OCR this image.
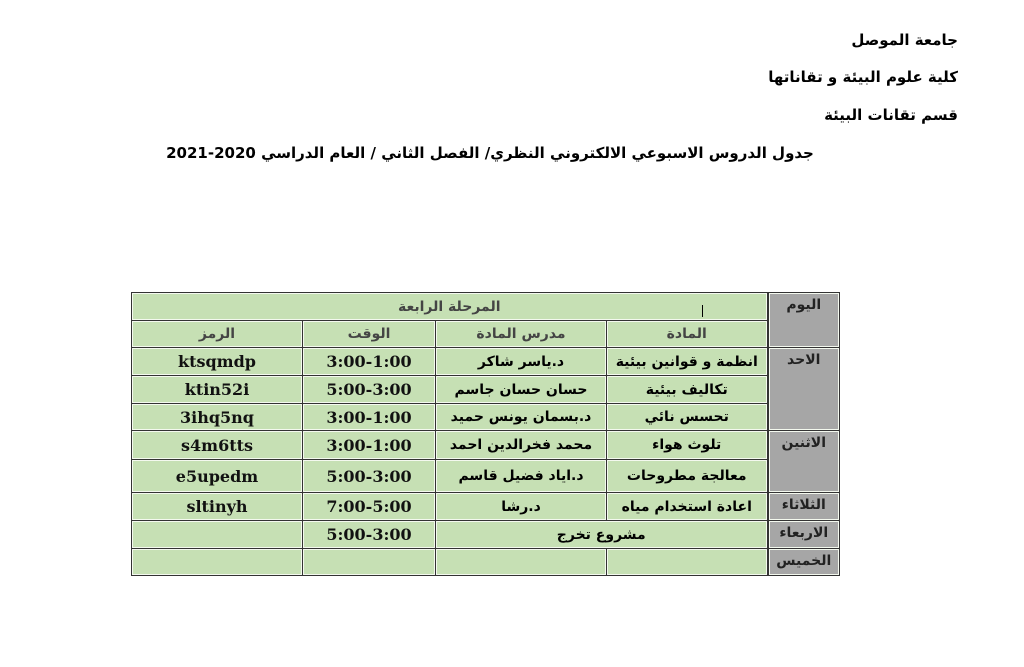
جامعة الموصل
كلية علوم البيئة و تقاناتها
قسم تقانات البيئة
جدول الدروس الاسبوعي الالكتروني النظري/ الفصل الثاني / العام الدراسي 2020-2021
اليوم	المرحلة الرابعة			
	المادة	مدرس المادة	الوقت	الرمز
الاحد	انظمة و قوانين بيئية	د.ياسر شاكر	3:00-1:00	ktsqmdp
	تكاليف بيئية	حسان حسان جاسم	5:00-3:00	ktin52i
	تحسس نائي	د.بسمان يونس حميد	3:00-1:00	3ihq5nq
الاثنين	تلوث هواء	محمد فخرالدين احمد	3:00-1:00	s4m6tts
	معالجة مطروحات	د.اياد فضيل قاسم	5:00-3:00	e5upedm
الثلاثاء	اعادة استخدام مياه	د.رشا	7:00-5:00	sltinyh
الاربعاء	مشروع تخرج		5:00-3:00	
الخميس				
